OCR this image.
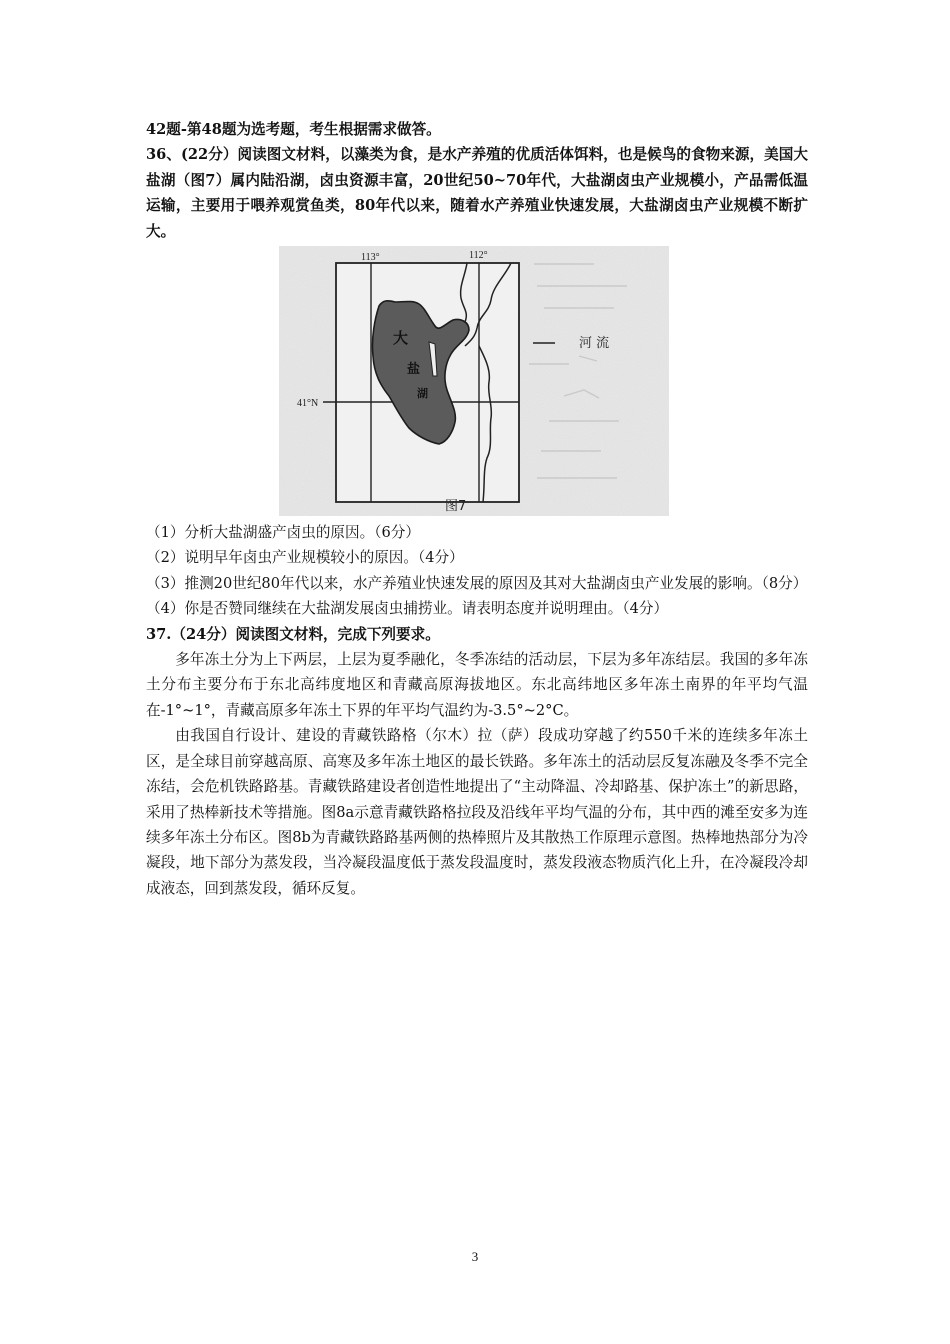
42题-第48题为选考题，考生根据需求做答。

36、(22分）阅读图文材料，以藻类为食，是水产养殖的优质活体饵料，也是候鸟的食物来源，美国大盐湖（图7）属内陆沿湖，卤虫资源丰富，20世纪50~70年代，大盐湖卤虫产业规模小，产品需低温运输，主要用于喂养观赏鱼类，80年代以来，随着水产养殖业快速发展，大盐湖卤虫产业规模不断扩大。

大
盐
湖
113°	112°
41°N
河 流
图7

（1）分析大盐湖盛产卤虫的原因。（6分）

（2）说明早年卤虫产业规模较小的原因。（4分）

（3）推测20世纪80年代以来，水产养殖业快速发展的原因及其对大盐湖卤虫产业发展的影响。（8分）

（4）你是否赞同继续在大盐湖发展卤虫捕捞业。请表明态度并说明理由。（4分）

37.（24分）阅读图文材料，完成下列要求。

多年冻土分为上下两层，上层为夏季融化，冬季冻结的活动层，下层为多年冻结层。我国的多年冻土分布主要分布于东北高纬度地区和青藏高原海拔地区。东北高纬地区多年冻土南界的年平均气温在-1°~1°，青藏高原多年冻土下界的年平均气温约为-3.5°~2°C。

由我国自行设计、建设的青藏铁路格（尔木）拉（萨）段成功穿越了约550千米的连续多年冻土区，是全球目前穿越高原、高寒及多年冻土地区的最长铁路。多年冻土的活动层反复冻融及冬季不完全冻结，会危机铁路路基。青藏铁路建设者创造性地提出了“主动降温、冷却路基、保护冻土”的新思路，采用了热棒新技术等措施。图8a示意青藏铁路格拉段及沿线年平均气温的分布，其中西的滩至安多为连续多年冻土分布区。图8b为青藏铁路路基两侧的热棒照片及其散热工作原理示意图。热棒地热部分为冷凝段，地下部分为蒸发段，当冷凝段温度低于蒸发段温度时，蒸发段液态物质汽化上升，在冷凝段冷却成液态，回到蒸发段，循环反复。

3
